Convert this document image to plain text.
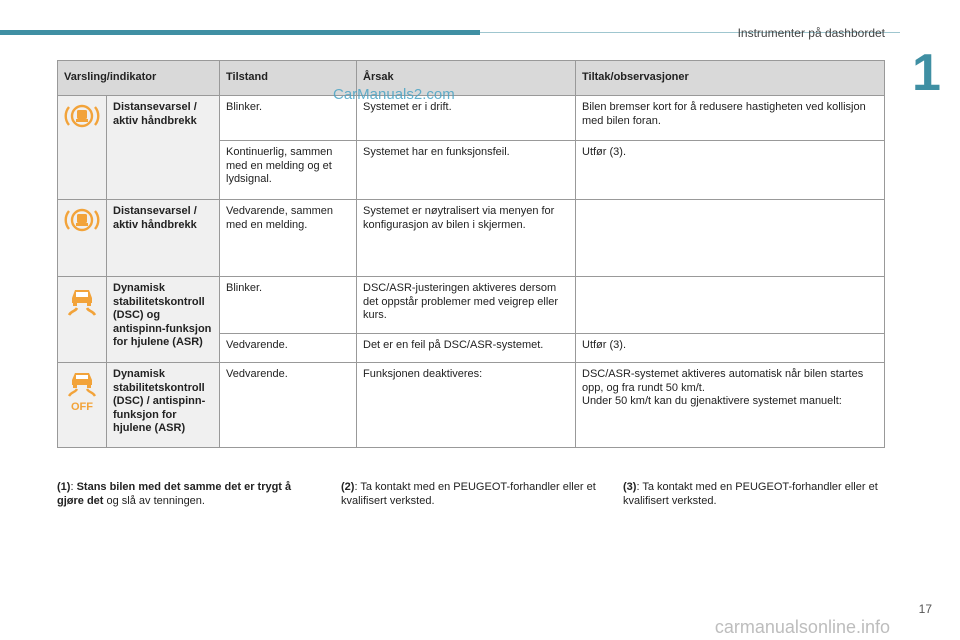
Instrumenter på dashbordet
1
Varsling/indikator		Tilstand	Årsak	Tiltak/observasjoner

	Distansevarsel / aktiv håndbrekk	Blinker.	Systemet er i drift.	Bilen bremser kort for å redusere hastigheten ved kollisjon med bilen foran.
		Kontinuerlig, sammen med en melding og et lydsignal.	Systemet har en funksjonsfeil.	Utfør (3).

	Distansevarsel / aktiv håndbrekk	Vedvarende, sammen med en melding.	Systemet er nøytralisert via menyen for konfigurasjon av bilen i skjermen.	

	Dynamisk stabilitetskontroll (DSC) og antispinn-funksjon for hjulene (ASR)	Blinker.	DSC/ASR-justeringen aktiveres dersom det oppstår problemer med veigrep eller kurs.	
		Vedvarende.	Det er en feil på DSC/ASR-systemet.	Utfør (3).

OFF	Dynamisk stabilitetskontroll (DSC) / antispinn-funksjon for hjulene (ASR)	Vedvarende.	Funksjonen deaktiveres:	DSC/ASR-systemet aktiveres automatisk når bilen startes opp, og fra rundt 50 km/t.
Under 50 km/t kan du gjenaktivere systemet manuelt:
(1): Stans bilen med det samme det er trygt å gjøre det og slå av tenningen.
(2): Ta kontakt med en PEUGEOT-forhandler eller et kvalifisert verksted.
(3): Ta kontakt med en PEUGEOT-forhandler eller et kvalifisert verksted.
CarManuals2.com
carmanualsonline.info
17
